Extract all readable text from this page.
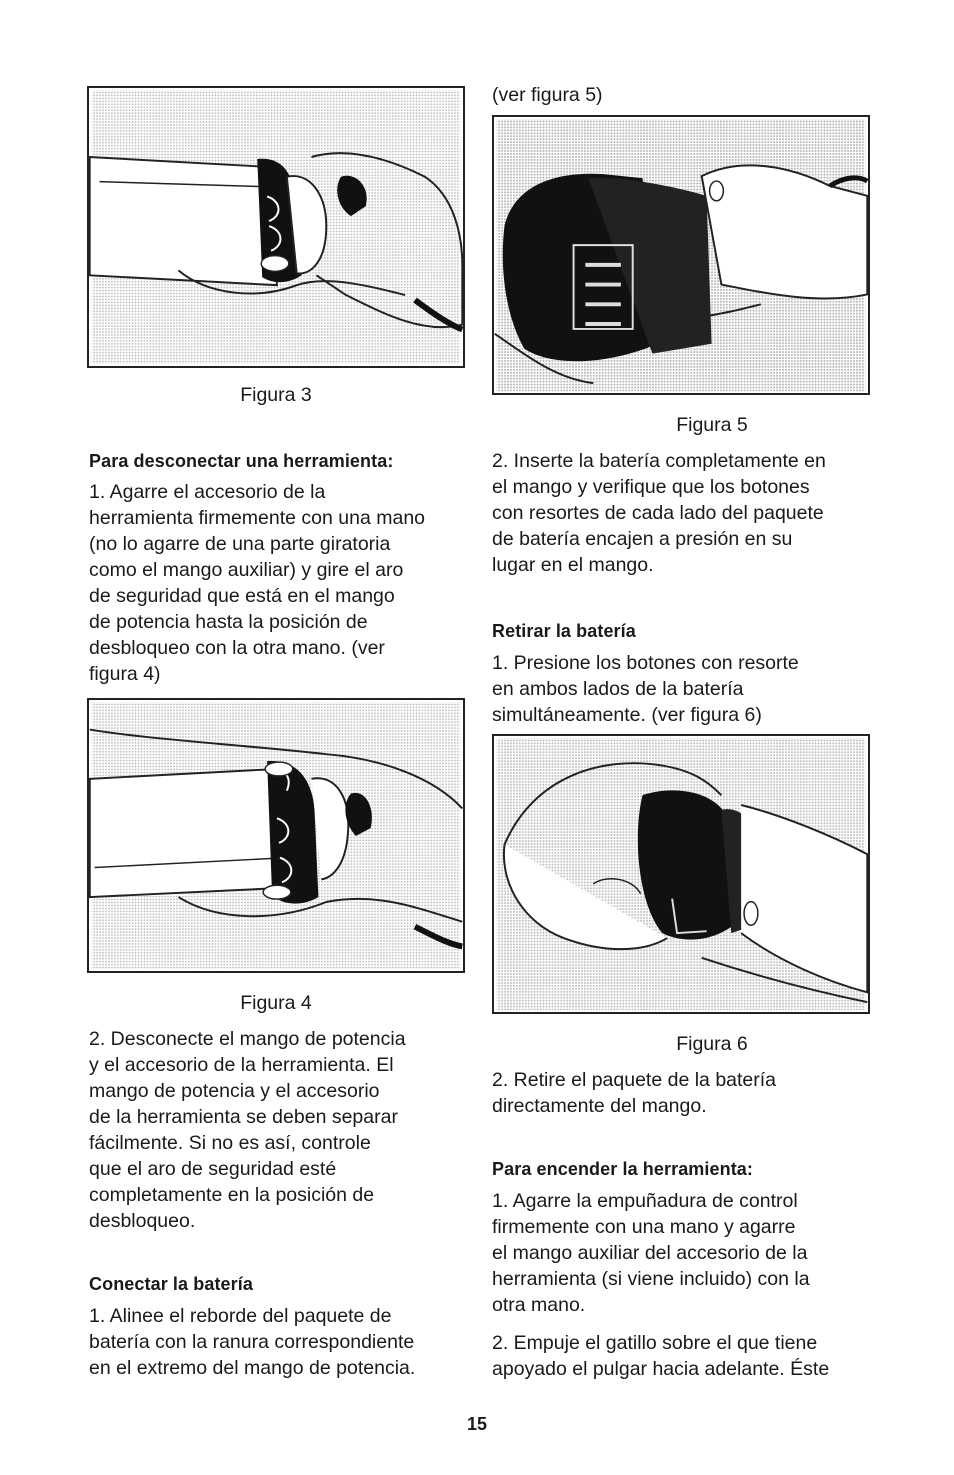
Figura 3

Para desconectar una herramienta:

1. Agarre el accesorio de la
herramienta firmemente con una mano
(no lo agarre de una parte giratoria
como el mango auxiliar) y gire el aro
de seguridad que está en el mango
de potencia hasta la posición de
desbloqueo con la otra mano. (ver
figura 4)

Figura 4

2. Desconecte el mango de potencia
y el accesorio de la herramienta. El
mango de potencia y el accesorio
de la herramienta se deben separar
fácilmente. Si no es así, controle
que el aro de seguridad esté
completamente en la posición de
desbloqueo.

Conectar la batería

1. Alinee el reborde del paquete de
batería con la ranura correspondiente
en el extremo del mango de potencia.

(ver figura 5)

Figura 5

2. Inserte la batería completamente en
el mango y verifique que los botones
con resortes de cada lado del paquete
de batería encajen a presión en su
lugar en el mango.

Retirar la batería

1. Presione los botones con resorte
en ambos lados de la batería
simultáneamente. (ver figura 6)

Figura 6

2. Retire el paquete de la batería
directamente del mango.

Para encender la herramienta:

1. Agarre la empuñadura de control
firmemente con una mano y agarre
el mango auxiliar del accesorio de la
herramienta (si viene incluido) con la
otra mano.

2. Empuje el gatillo sobre el que tiene
apoyado el pulgar hacia adelante. Éste

15
